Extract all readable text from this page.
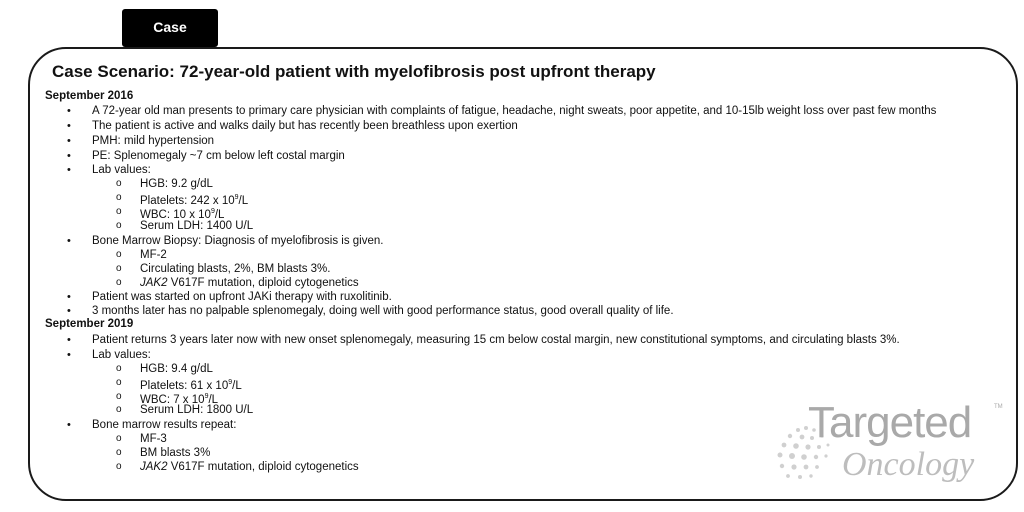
Case
Case Scenario: 72-year-old patient with myelofibrosis post upfront therapy
September 2016
• A 72-year old man presents to primary care physician with complaints of fatigue, headache, night sweats, poor appetite, and 10-15lb weight loss over past few months
• The patient is active and walks daily but has recently been breathless upon exertion
• PMH: mild hypertension
• PE: Splenomegaly ~7 cm below left costal margin
• Lab values:
o HGB: 9.2 g/dL
o Platelets: 242 x $10^9/L$
o WBC: 10 x $10^9/L$
o Serum LDH: 1400 U/L
• Bone Marrow Biopsy: Diagnosis of myelofibrosis is given.
o MF-2
o Circulating blasts, 2%, BM blasts 3%.
o JAK2 V617F mutation, diploid cytogenetics
• Patient was started on upfront JAKi therapy with ruxolitinib.
• 3 months later has no palpable splenomegaly, doing well with good performance status, good overall quality of life.
September 2019
• Patient returns 3 years later now with new onset splenomegaly, measuring 15 cm below costal margin, new constitutional symptoms, and circulating blasts 3%.
• Lab values:
o HGB: 9.4 g/dL
o Platelets: 61 x $10^9/L$
o WBC: 7 x $10^9/L$
o Serum LDH: 1800 U/L
• Bone marrow results repeat:
o MF-3
o BM blasts 3%
o JAK2 V617F mutation, diploid cytogenetics
Targeted	TM
Oncology
